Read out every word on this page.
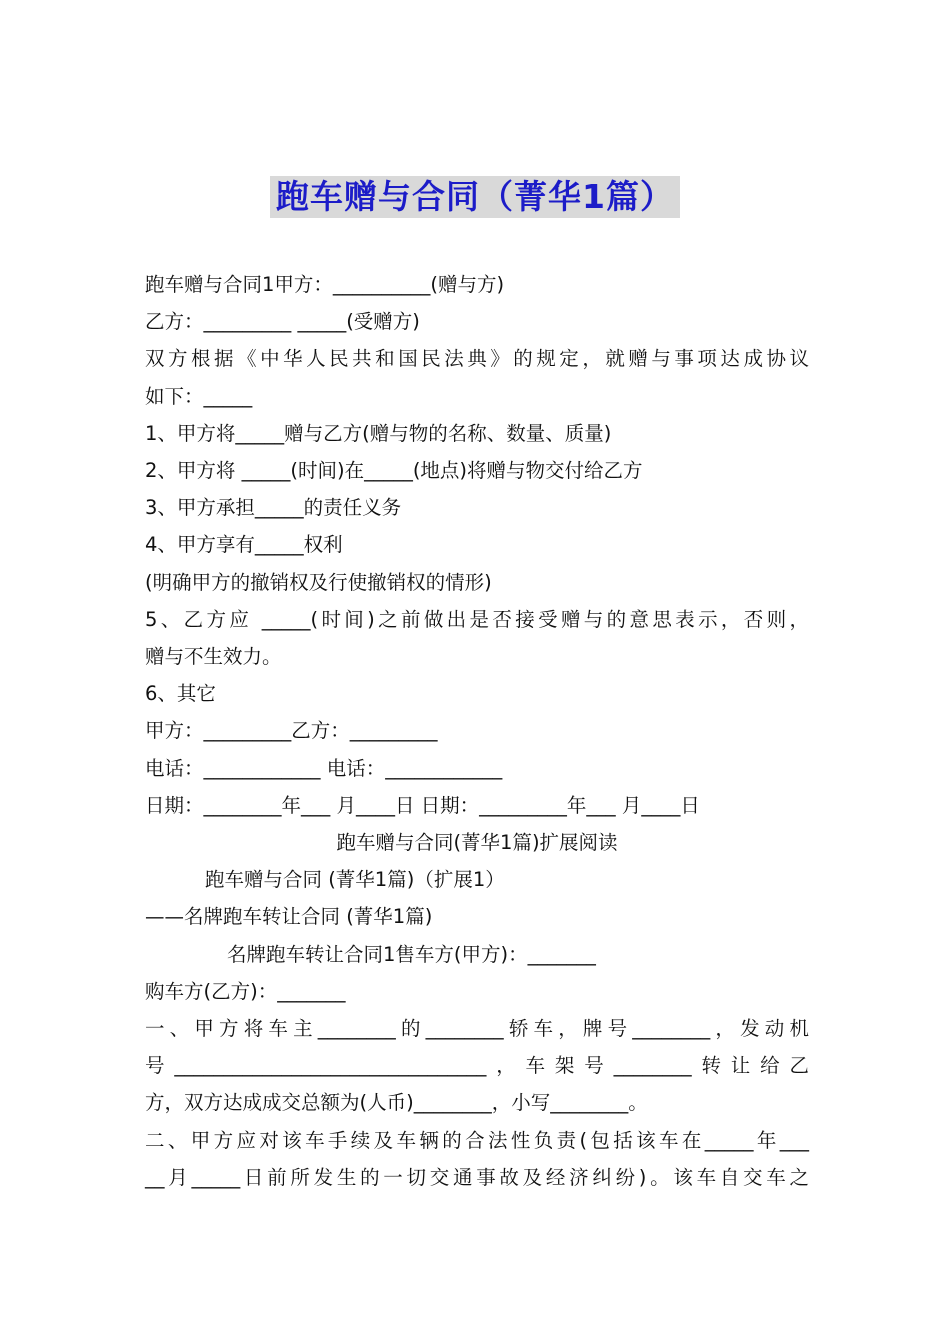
跑车赠与合同（菁华1篇）
跑车赠与合同1甲方：__________(赠与方)
乙方：_________ _____(受赠方)
双方根据《中华人民共和国民法典》的规定，就赠与事项达成协议
如下：_____
1、甲方将_____赠与乙方(赠与物的名称、数量、质量)
2、甲方将 _____(时间)在_____(地点)将赠与物交付给乙方
3、甲方承担_____的责任义务
4、甲方享有_____权利
(明确甲方的撤销权及行使撤销权的情形)
5、乙方应 _____(时间)之前做出是否接受赠与的意思表示，否则，
赠与不生效力。
6、其它
甲方：_________乙方：_________
电话：____________ 电话：____________
日期：________年___ 月____日 日期：_________年___ 月____日
跑车赠与合同(菁华1篇)扩展阅读
跑车赠与合同 (菁华1篇)（扩展1）
——名牌跑车转让合同 (菁华1篇)
名牌跑车转让合同1售车方(甲方)：_______
购车方(乙方)：_______
一、甲方将车主________的________轿车，牌号________，发动机
号________________________________，车架号________转让给乙
方，双方达成成交总额为(人币)________，小写________。
二、甲方应对该车手续及车辆的合法性负责(包括该车在_____年___
__月_____日前所发生的一切交通事故及经济纠纷)。该车自交车之
